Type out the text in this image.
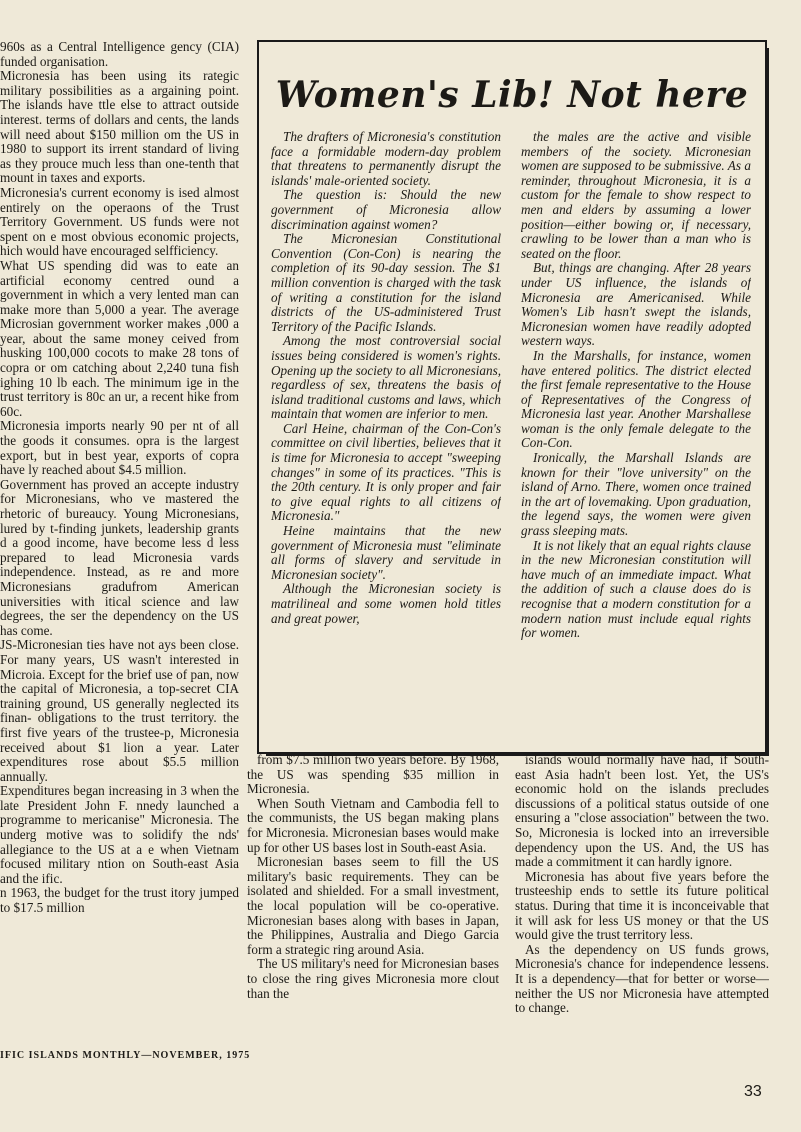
960s as a Central Intelligence gency (CIA) funded organisation.

Micronesia has been using its rategic military possibilities as a argaining point. The islands have ttle else to attract outside interest. terms of dollars and cents, the lands will need about $150 million om the US in 1980 to support its irrent standard of living as they prouce much less than one-tenth that mount in taxes and exports.

Micronesia's current economy is ised almost entirely on the operaons of the Trust Territory Government. US funds were not spent on e most obvious economic projects, hich would have encouraged selfficiency.

What US spending did was to eate an artificial economy centred ound a government in which a very lented man can make more than 5,000 a year. The average Microsian government worker makes ,000 a year, about the same money ceived from husking 100,000 cocots to make 28 tons of copra or om catching about 2,240 tuna fish ighing 10 lb each. The minimum ige in the trust territory is 80c an ur, a recent hike from 60c.

Micronesia imports nearly 90 per nt of all the goods it consumes. opra is the largest export, but in best year, exports of copra have ly reached about $4.5 million.

Government has proved an accepte industry for Micronesians, who ve mastered the rhetoric of bureaucy. Young Micronesians, lured by t-finding junkets, leadership grants d a good income, have become less d less prepared to lead Micronesia vards independence. Instead, as re and more Micronesians gradufrom American universities with itical science and law degrees, the ser the dependency on the US has come.

JS-Micronesian ties have not ays been close. For many years, US wasn't interested in Microia. Except for the brief use of pan, now the capital of Micronesia, a top-secret CIA training ground, US generally neglected its finan- obligations to the trust territory. the first five years of the trustee-p, Micronesia received about $1 lion a year. Later expenditures rose about $5.5 million annually.

Expenditures began increasing in 3 when the late President John F. nnedy launched a programme to mericanise" Micronesia. The underg motive was to solidify the nds' allegiance to the US at a e when Vietnam focused military ntion on South-east Asia and the ific.

n 1963, the budget for the trust itory jumped to $17.5 million

Women's Lib! Not here

The drafters of Micronesia's constitution face a formidable modern-day problem that threatens to permanently disrupt the islands' male-oriented society.

The question is: Should the new government of Micronesia allow discrimination against women?

The Micronesian Constitutional Convention (Con-Con) is nearing the completion of its 90-day session. The $1 million convention is charged with the task of writing a constitution for the island districts of the US-administered Trust Territory of the Pacific Islands.

Among the most controversial social issues being considered is women's rights. Opening up the society to all Micronesians, regardless of sex, threatens the basis of island traditional customs and laws, which maintain that women are inferior to men.

Carl Heine, chairman of the Con-Con's committee on civil liberties, believes that it is time for Micronesia to accept "sweeping changes" in some of its practices. "This is the 20th century. It is only proper and fair to give equal rights to all citizens of Micronesia."

Heine maintains that the new government of Micronesia must "eliminate all forms of slavery and servitude in Micronesian society".

Although the Micronesian society is matrilineal and some women hold titles and great power,

the males are the active and visible members of the society. Micronesian women are supposed to be submissive. As a reminder, throughout Micronesia, it is a custom for the female to show respect to men and elders by assuming a lower position—either bowing or, if necessary, crawling to be lower than a man who is seated on the floor.

But, things are changing. After 28 years under US influence, the islands of Micronesia are Americanised. While Women's Lib hasn't swept the islands, Micronesian women have readily adopted western ways.

In the Marshalls, for instance, women have entered politics. The district elected the first female representative to the House of Representatives of the Congress of Micronesia last year. Another Marshallese woman is the only female delegate to the Con-Con.

Ironically, the Marshall Islands are known for their "love university" on the island of Arno. There, women once trained in the art of lovemaking. Upon graduation, the legend says, the women were given grass sleeping mats.

It is not likely that an equal rights clause in the new Micronesian constitution will have much of an immediate impact. What the addition of such a clause does do is recognise that a modern constitution for a modern nation must include equal rights for women.

from $7.5 million two years before. By 1968, the US was spending $35 million in Micronesia.

When South Vietnam and Cambodia fell to the communists, the US began making plans for Micronesia. Micronesian bases would make up for other US bases lost in South-east Asia.

Micronesian bases seem to fill the US military's basic requirements. They can be isolated and shielded. For a small investment, the local population will be co-operative. Micronesian bases along with bases in Japan, the Philippines, Australia and Diego Garcia form a strategic ring around Asia.

The US military's need for Micronesian bases to close the ring gives Micronesia more clout than the

islands would normally have had, if South-east Asia hadn't been lost. Yet, the US's economic hold on the islands precludes discussions of a political status outside of one ensuring a "close association" between the two. So, Micronesia is locked into an irreversible dependency upon the US. And, the US has made a commitment it can hardly ignore.

Micronesia has about five years before the trusteeship ends to settle its future political status. During that time it is inconceivable that it will ask for less US money or that the US would give the trust territory less.

As the dependency on US funds grows, Micronesia's chance for independence lessens. It is a dependency—that for better or worse—neither the US nor Micronesia have attempted to change.

IFIC ISLANDS MONTHLY—NOVEMBER, 1975
33
